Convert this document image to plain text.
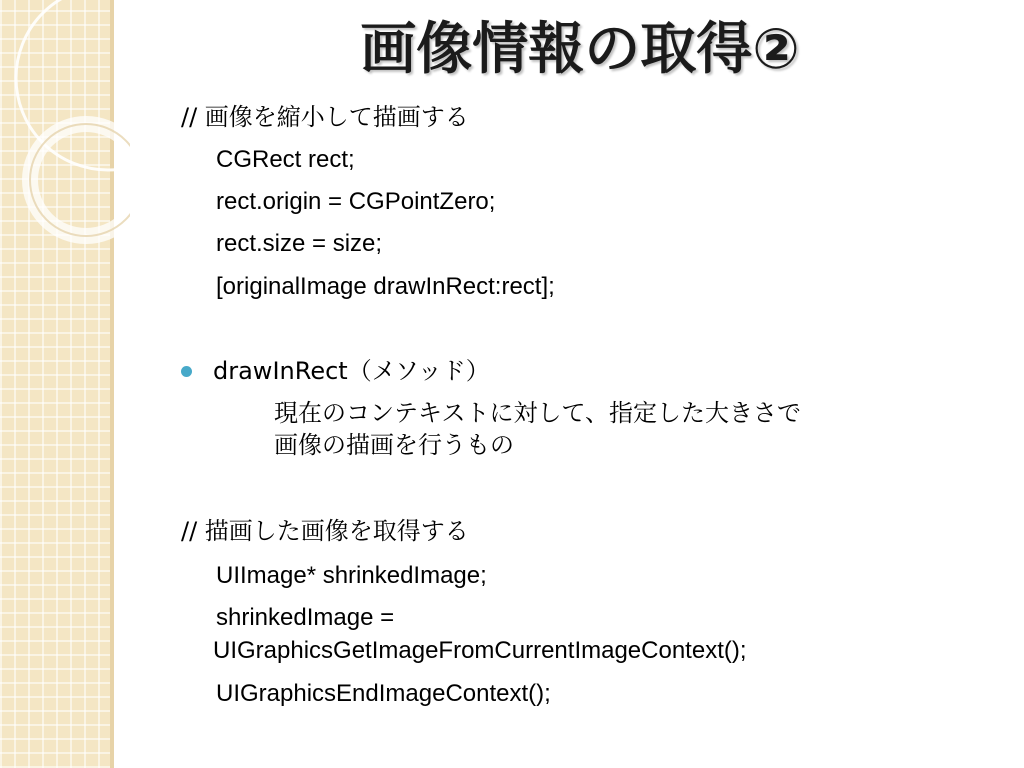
画像情報の取得②
// 画像を縮小して描画する
CGRect rect;
rect.origin = CGPointZero;
rect.size = size;
[originalImage drawInRect:rect];
drawInRect（メソッド）
現在のコンテキストに対して、指定した大きさで
画像の描画を行うもの
// 描画した画像を取得する
UIImage* shrinkedImage;
shrinkedImage =
UIGraphicsGetImageFromCurrentImageContext();
UIGraphicsEndImageContext();
